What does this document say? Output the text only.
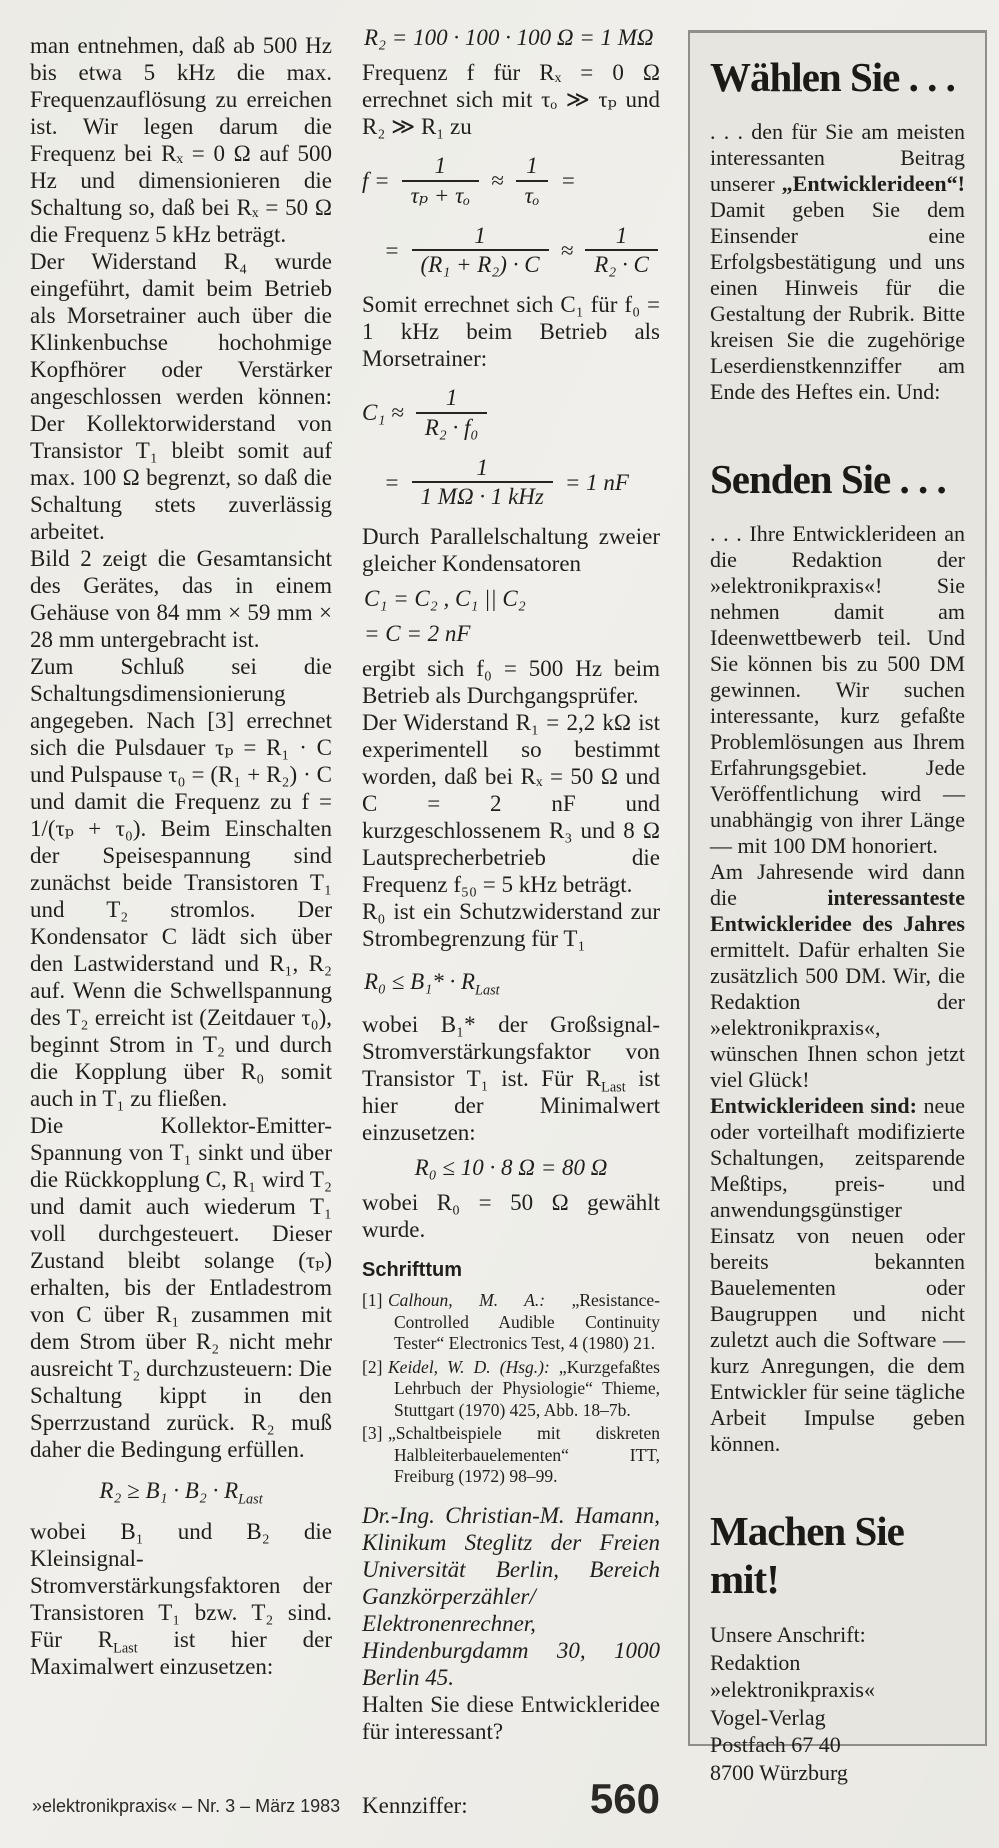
man entnehmen, daß ab 500 Hz bis etwa 5 kHz die max. Frequenzauflösung zu erreichen ist. Wir legen darum die Frequenz bei Rₓ = 0 Ω auf 500 Hz und dimensionieren die Schaltung so, daß bei Rₓ = 50 Ω die Frequenz 5 kHz beträgt.

Der Widerstand R₄ wurde eingeführt, damit beim Betrieb als Morsetrainer auch über die Klinkenbuchse hochohmige Kopfhörer oder Verstärker angeschlossen werden können: Der Kollektorwiderstand von Transistor T₁ bleibt somit auf max. 100 Ω begrenzt, so daß die Schaltung stets zuverlässig arbeitet.

Bild 2 zeigt die Gesamtansicht des Gerätes, das in einem Gehäuse von 84 mm × 59 mm × 28 mm untergebracht ist.

Zum Schluß sei die Schaltungsdimensionierung angegeben. Nach [3] errechnet sich die Pulsdauer τₚ = R₁ · C und Pulspause τ₀ = (R₁ + R₂) · C und damit die Frequenz zu f = 1/(τₚ + τ₀). Beim Einschalten der Speisespannung sind zunächst beide Transistoren T₁ und T₂ stromlos. Der Kondensator C lädt sich über den Lastwiderstand und R₁, R₂ auf. Wenn die Schwellspannung des T₂ erreicht ist (Zeitdauer τ₀), beginnt Strom in T₂ und durch die Kopplung über R₀ somit auch in T₁ zu fließen.

Die Kollektor-Emitter-Spannung von T₁ sinkt und über die Rückkopplung C, R₁ wird T₂ und damit auch wiederum T₁ voll durchgesteuert. Dieser Zustand bleibt solange (τₚ) erhalten, bis der Entladestrom von C über R₁ zusammen mit dem Strom über R₂ nicht mehr ausreicht T₂ durchzusteuern: Die Schaltung kippt in den Sperrzustand zurück. R₂ muß daher die Bedingung erfüllen.

$R_2 \ge B_1 \cdot B_2 \cdot R_{Last}$

wobei B₁ und B₂ die Kleinsignal-Stromverstärkungsfaktoren der Transistoren T₁ bzw. T₂ sind. Für $R_{Last}$ ist hier der Maximalwert einzusetzen:

R₂ = 100 · 100 · 100 Ω = 1 MΩ

Frequenz f für Rₓ = 0 Ω errechnet sich mit τₒ ≫ τₚ und R₂ ≫ R₁ zu

$f = \frac{1}{\text{τₚ + τₒ}} \approx \frac{1}{\text{τₒ}}$ =
= $\frac{1}{\text{(R₁ + R₂) · C}} \approx \frac{1}{\text{R₂ · C}}$

Somit errechnet sich C₁ für f₀ = 1 kHz beim Betrieb als Morsetrainer:

$C_1 \approx \frac{1}{\text{R₂ · f₀}}$
= $\frac{1}{\text{1 MΩ · 1 kHz}} = 1$ nF

Durch Parallelschaltung zweier gleicher Kondensatoren

C₁ = C₂ , C₁ || C₂
= C = 2 nF

ergibt sich f₀ = 500 Hz beim Betrieb als Durchgangsprüfer.

Der Widerstand R₁ = 2,2 kΩ ist experimentell so bestimmt worden, daß bei Rₓ = 50 Ω und C = 2 nF und kurzgeschlossenem R₃ und 8 Ω Lautsprecherbetrieb die Frequenz f₅₀ = 5 kHz beträgt.

R₀ ist ein Schutzwiderstand zur Strombegrenzung für T₁

$R_0 \le B_1* \cdot R_{Last}$

wobei B₁* der Großsignal-Stromverstärkungsfaktor von Transistor T₁ ist. Für $R_{Last}$ ist hier der Minimalwert einzusetzen:

R₀ ≤ 10 · 8 Ω = 80 Ω

wobei R₀ = 50 Ω gewählt wurde.

Schrifttum
[1] Calhoun, M. A.: „Resistance-Controlled Audible Continuity Tester“ Electronics Test, 4 (1980) 21.
[2] Keidel, W. D. (Hsg.): „Kurzgefaßtes Lehrbuch der Physiologie“ Thieme, Stuttgart (1970) 425, Abb. 18–7b.
[3] „Schaltbeispiele mit diskreten Halbleiterbauelementen“ ITT, Freiburg (1972) 98–99.
Dr.-Ing. Christian-M. Hamann, Klinikum Steglitz der Freien Universität Berlin, Bereich Ganzkörperzähler/ Elektronenrechner, Hindenburgdamm 30, 1000 Berlin 45.

Halten Sie diese Entwickleridee für interessant?

Kennziffer:	560
Wählen Sie . . .

. . . den für Sie am meisten interessanten Beitrag unserer „Entwicklerideen“! Damit geben Sie dem Einsender eine Erfolgsbestätigung und uns einen Hinweis für die Gestaltung der Rubrik. Bitte kreisen Sie die zugehörige Leserdienstkennziffer am Ende des Heftes ein. Und:

Senden Sie . . .

. . . Ihre Entwicklerideen an die Redaktion der »elektronikpraxis«! Sie nehmen damit am Ideenwettbewerb teil. Und Sie können bis zu 500 DM gewinnen. Wir suchen interessante, kurz gefaßte Problemlösungen aus Ihrem Erfahrungsgebiet. Jede Veröffentlichung wird — unabhängig von ihrer Länge — mit 100 DM honoriert.

Am Jahresende wird dann die interessanteste Entwickleridee des Jahres ermittelt. Dafür erhalten Sie zusätzlich 500 DM. Wir, die Redaktion der »elektronikpraxis«, wünschen Ihnen schon jetzt viel Glück!

Entwicklerideen sind: neue oder vorteilhaft modifizierte Schaltungen, zeitsparende Meßtips, preis- und anwendungsgünstiger Einsatz von neuen oder bereits bekannten Bauelementen oder Baugruppen und nicht zuletzt auch die Software — kurz Anregungen, die dem Entwickler für seine tägliche Arbeit Impulse geben können.

Machen Sie mit!
Unsere Anschrift:
Redaktion
»elektronikpraxis«
Vogel-Verlag
Postfach 67 40
8700 Würzburg
»elektronikpraxis« – Nr. 3 – März 1983
